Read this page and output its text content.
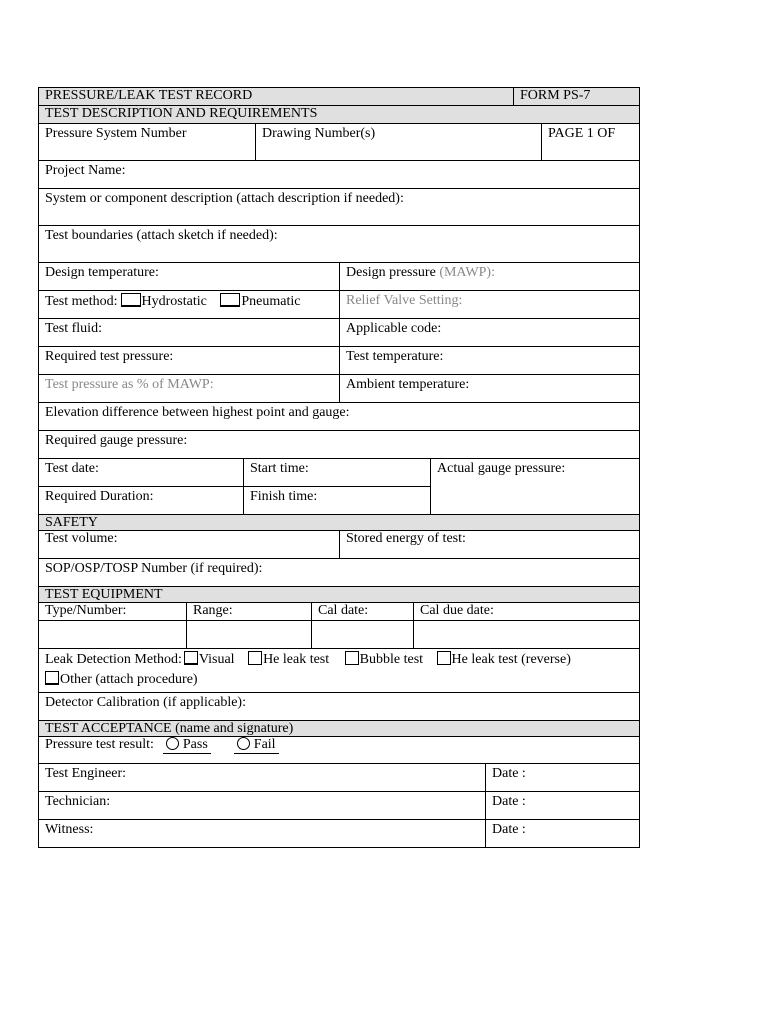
PRESSURE/LEAK TEST RECORD	FORM PS-7
TEST DESCRIPTION AND REQUIREMENTS
Pressure System Number	Drawing Number(s)	PAGE 1 OF
Project Name:
System or component description (attach description if needed):
Test boundaries (attach sketch if needed):
Design temperature:	Design pressure (MAWP):
Test method: Hydrostatic Pneumatic	Relief Valve Setting:
Test fluid:	Applicable code:
Required test pressure:	Test temperature:
Test pressure as % of MAWP:	Ambient temperature:
Elevation difference between highest point and gauge:
Required gauge pressure:
Test date:	Start time:
Required Duration:	Finish time:
Actual gauge pressure:
SAFETY
Test volume:	Stored energy of test:
SOP/OSP/TOSP Number (if required):
TEST EQUIPMENT
Type/Number:	Range:	Cal date:	Cal due date:
Leak Detection Method: Visual He leak test Bubble test He leak test (reverse)
Other (attach procedure)
Detector Calibration (if applicable):
TEST ACCEPTANCE (name and signature)
Pressure test result: Pass	Fail
Test Engineer:	Date :
Technician:	Date :
Witness:	Date :
